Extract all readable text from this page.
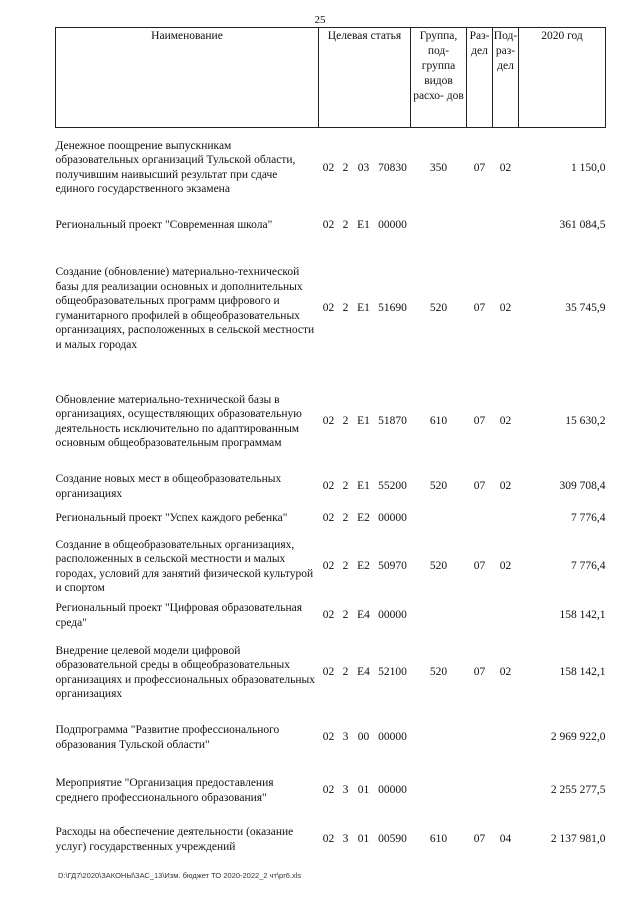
25
Наименование	Целевая статья				Группа, под- группа видов расхо- дов	Раз- дел	Под- раз- дел	2020 год
Денежное поощрение выпускникам образовательных организаций Тульской области, получившим наивысший результат при сдаче единого государственного экзамена	02	2	03	70830	350	07	02	1 150,0
Региональный проект "Современная школа"	02	2	E1	00000				361 084,5
Создание (обновление) материально-технической базы для реализации основных и дополнительных общеобразовательных программ цифрового и гуманитарного профилей в общеобразовательных организациях, расположенных в сельской местности и малых городах	02	2	E1	51690	520	07	02	35 745,9
Обновление материально-технической базы в организациях, осуществляющих образовательную деятельность исключительно по адаптированным основным общеобразовательным программам	02	2	E1	51870	610	07	02	15 630,2
Создание новых мест в общеобразовательных организациях	02	2	E1	55200	520	07	02	309 708,4
Региональный проект "Успех каждого ребенка"	02	2	E2	00000				7 776,4
Создание в общеобразовательных организациях, расположенных в сельской местности и малых городах, условий для занятий физической культурой и спортом	02	2	E2	50970	520	07	02	7 776,4
Региональный проект "Цифровая образовательная среда"	02	2	E4	00000				158 142,1
Внедрение целевой модели цифровой образовательной среды в общеобразовательных организациях и профессиональных образовательных организациях	02	2	E4	52100	520	07	02	158 142,1
Подпрограмма "Развитие профессионального образования Тульской области"	02	3	00	00000				2 969 922,0
Мероприятие "Организация предоставления среднего профессионального образования"	02	3	01	00000				2 255 277,5
Расходы на обеспечение деятельности (оказание услуг) государственных учреждений	02	3	01	00590	610	07	04	2 137 981,0
D:\ГД7\2020\ЗАКОНЫ\ЗАС_13\Изм. бюджет ТО 2020-2022_2 чт\pr6.xls
